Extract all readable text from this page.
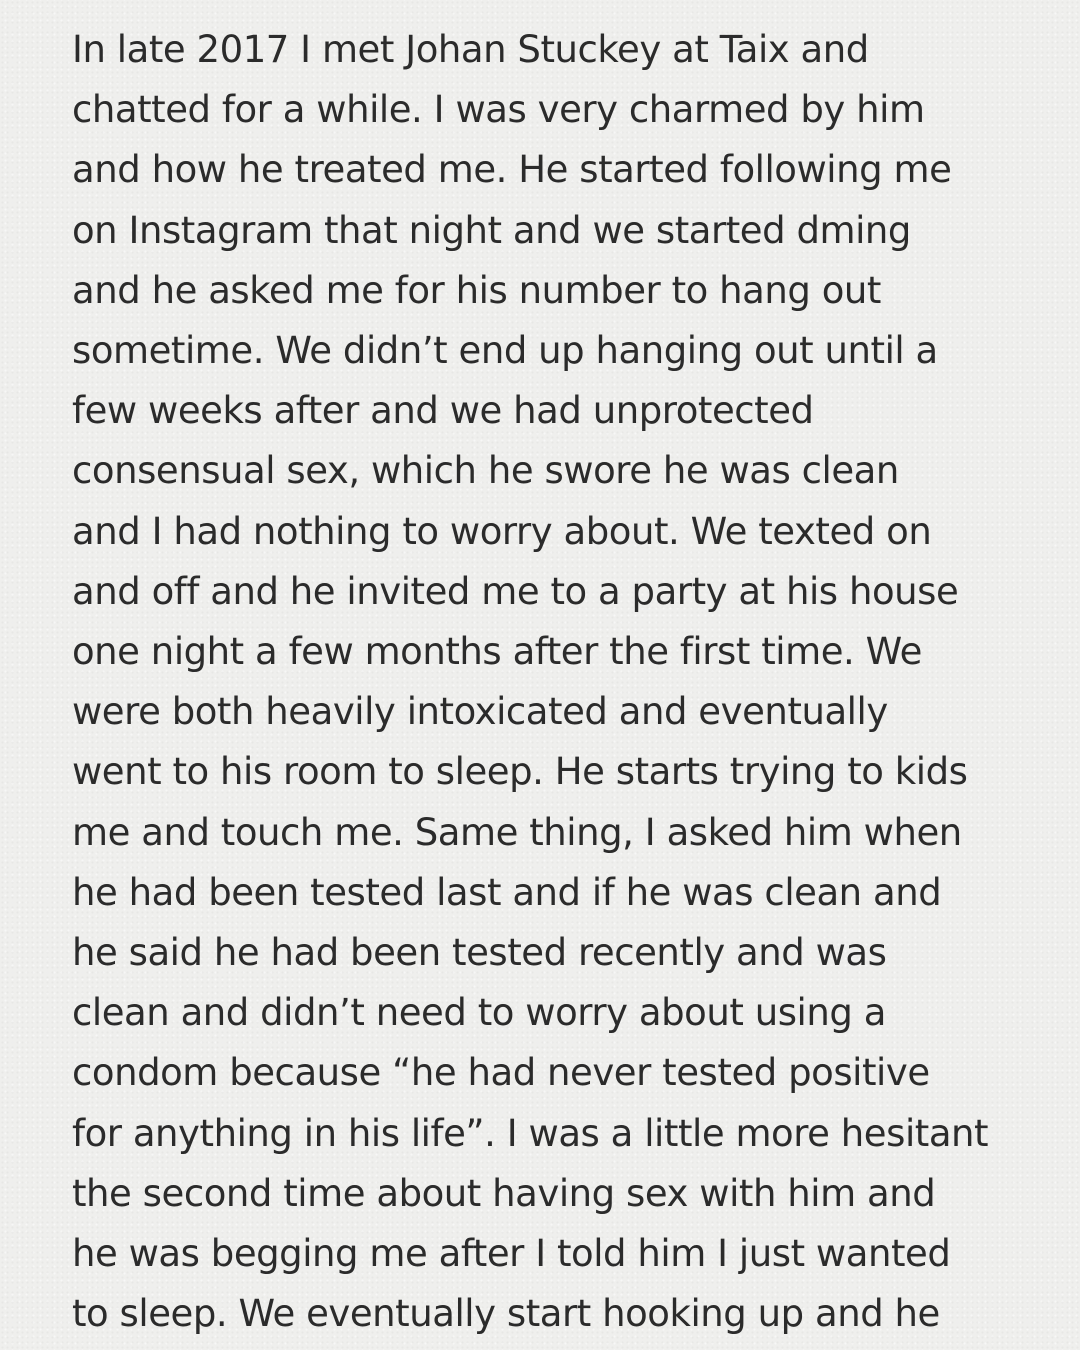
In late 2017 I met Johan Stuckey at Taix and

chatted for a while. I was very charmed by him

and how he treated me. He started following me

on Instagram that night and we started dming

and he asked me for his number to hang out

sometime. We didn’t end up hanging out until a

few weeks after and we had unprotected

consensual sex, which he swore he was clean

and I had nothing to worry about. We texted on

and off and he invited me to a party at his house

one night a few months after the first time. We

were both heavily intoxicated and eventually

went to his room to sleep. He starts trying to kids

me and touch me. Same thing, I asked him when

he had been tested last and if he was clean and

he said he had been tested recently and was

clean and didn’t need to worry about using a

condom because “he had never tested positive

for anything in his life”. I was a little more hesitant

the second time about having sex with him and

he was begging me after I told him I just wanted

to sleep. We eventually start hooking up and he
